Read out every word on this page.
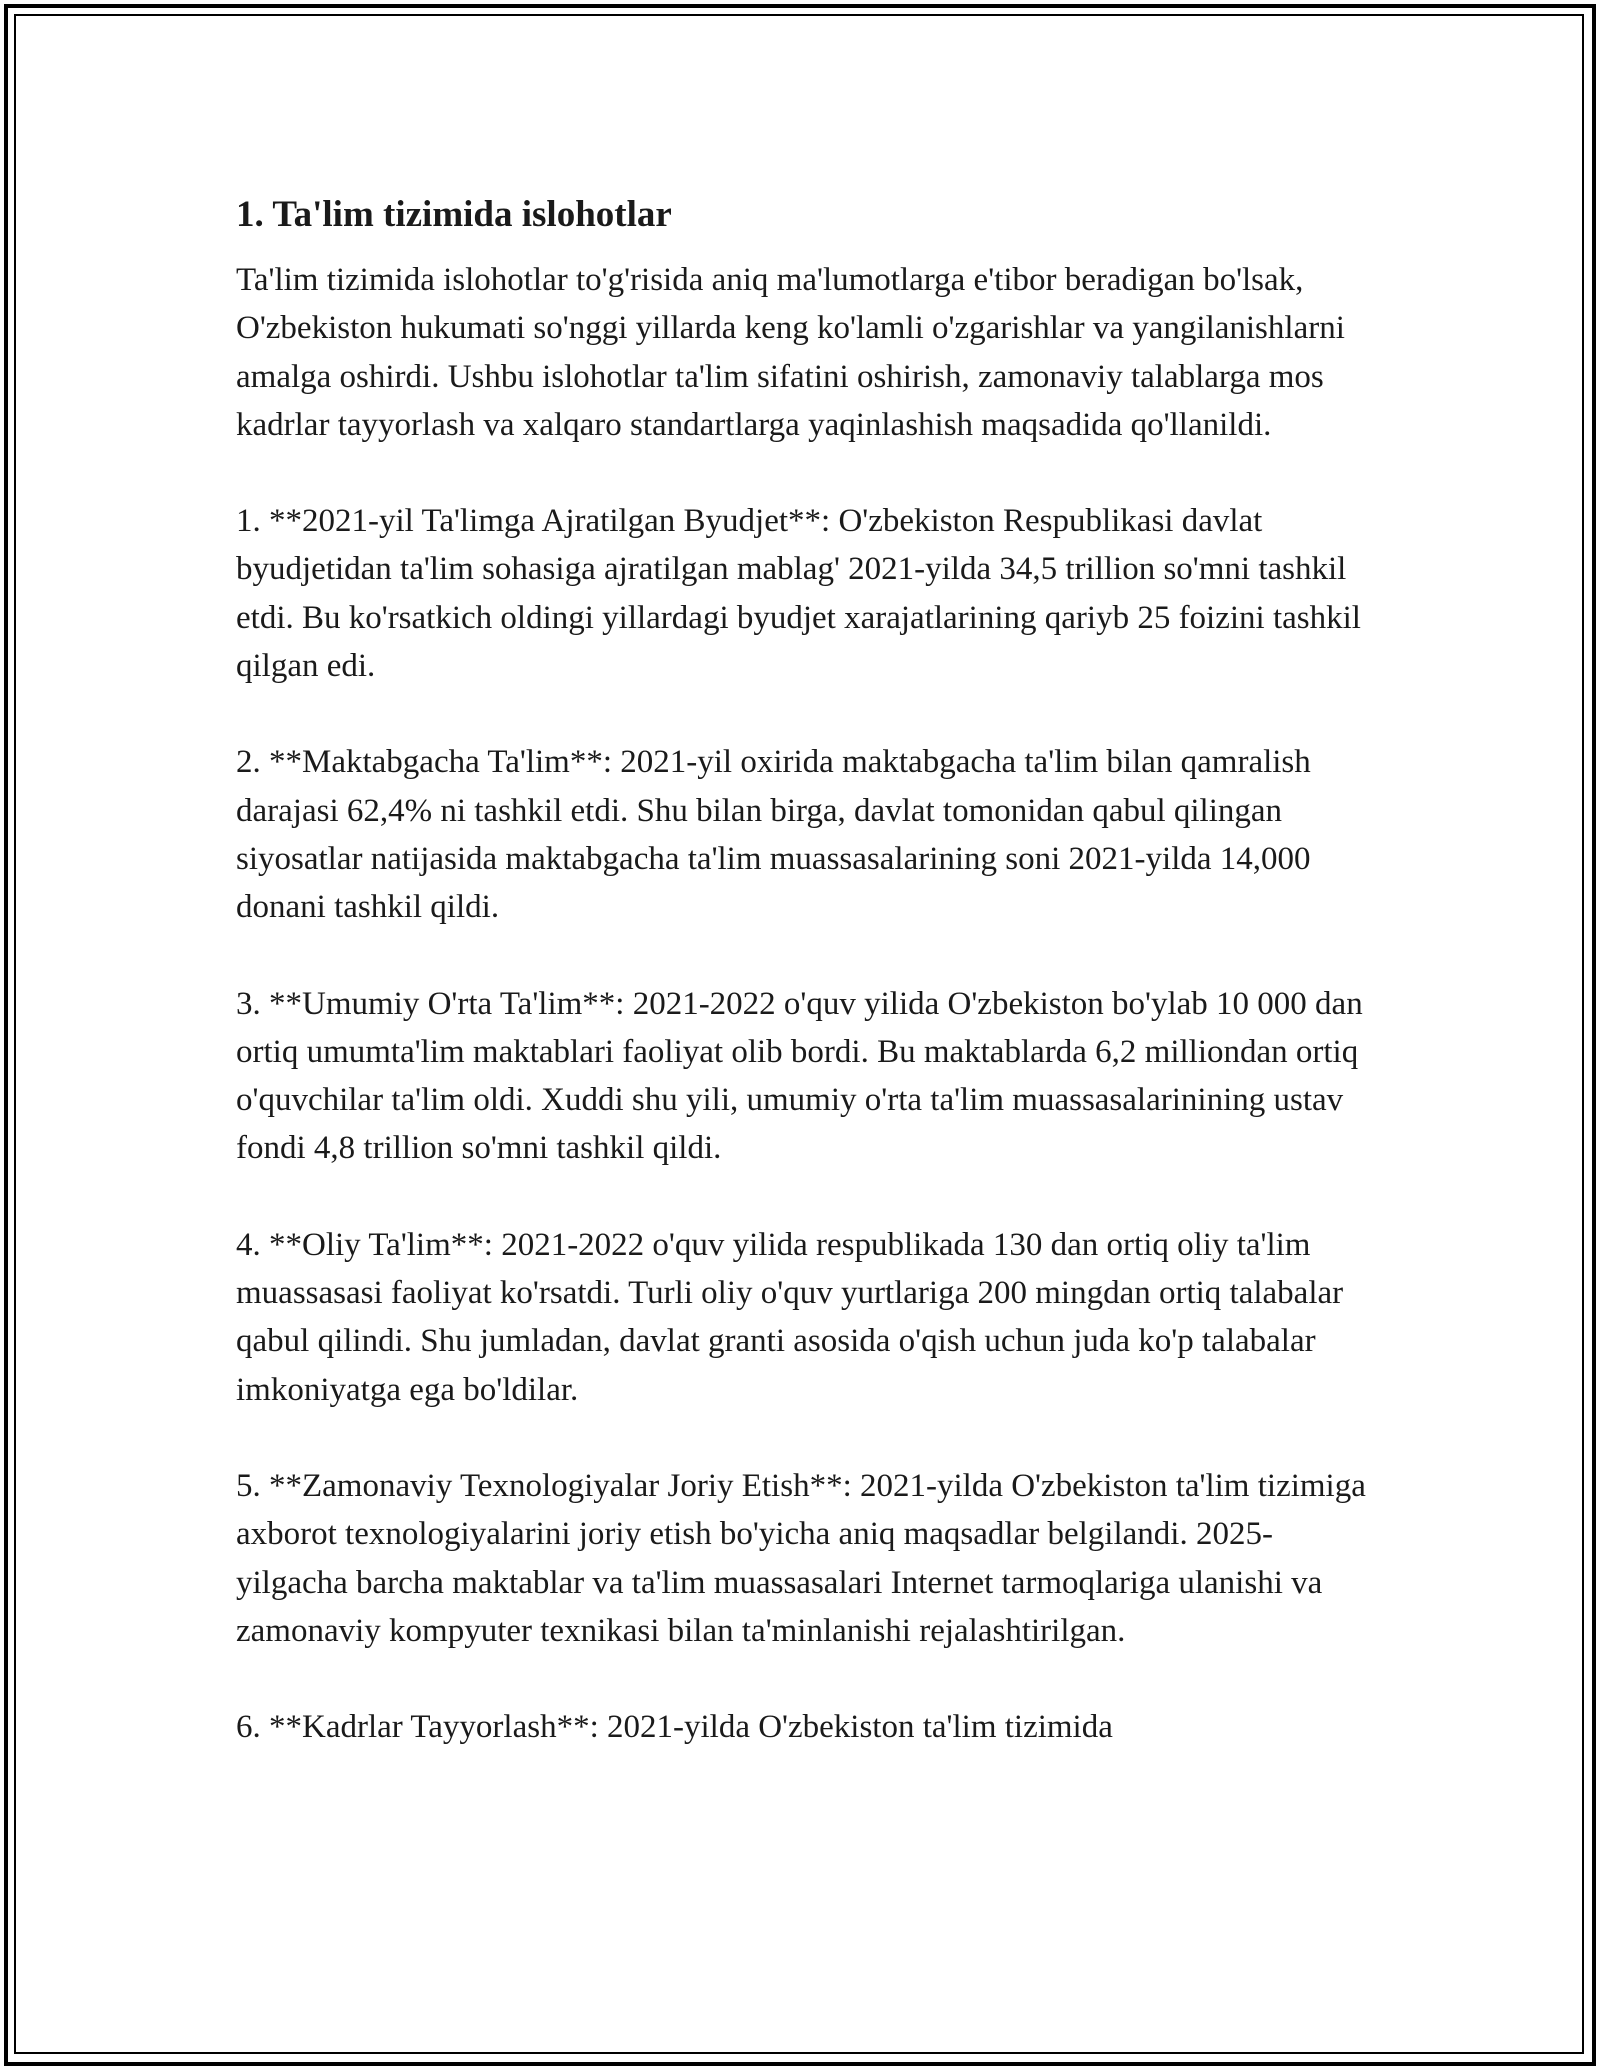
1. Ta'lim tizimida islohotlar

Ta'lim tizimida islohotlar to'g'risida aniq ma'lumotlarga e'tibor beradigan bo'lsak, O'zbekiston hukumati so'nggi yillarda keng ko'lamli o'zgarishlar va yangilanishlarni amalga oshirdi. Ushbu islohotlar ta'lim sifatini oshirish, zamonaviy talablarga mos kadrlar tayyorlash va xalqaro standartlarga yaqinlashish maqsadida qo'llanildi.

1. **2021-yil Ta'limga Ajratilgan Byudjet**: O'zbekiston Respublikasi davlat byudjetidan ta'lim sohasiga ajratilgan mablag' 2021-yilda 34,5 trillion so'mni tashkil etdi. Bu ko'rsatkich oldingi yillardagi byudjet xarajatlarining qariyb 25 foizini tashkil qilgan edi.

2. **Maktabgacha Ta'lim**: 2021-yil oxirida maktabgacha ta'lim bilan qamralish darajasi 62,4% ni tashkil etdi. Shu bilan birga, davlat tomonidan qabul qilingan siyosatlar natijasida maktabgacha ta'lim muassasalarining soni 2021-yilda 14,000 donani tashkil qildi.

3. **Umumiy O'rta Ta'lim**: 2021-2022 o'quv yilida O'zbekiston bo'ylab 10 000 dan ortiq umumta'lim maktablari faoliyat olib bordi. Bu maktablarda 6,2 milliondan ortiq o'quvchilar ta'lim oldi. Xuddi shu yili, umumiy o'rta ta'lim muassasalarinining ustav fondi 4,8 trillion so'mni tashkil qildi.

4. **Oliy Ta'lim**: 2021-2022 o'quv yilida respublikada 130 dan ortiq oliy ta'lim muassasasi faoliyat ko'rsatdi. Turli oliy o'quv yurtlariga 200 mingdan ortiq talabalar qabul qilindi. Shu jumladan, davlat granti asosida o'qish uchun juda ko'p talabalar imkoniyatga ega bo'ldilar.

5. **Zamonaviy Texnologiyalar Joriy Etish**: 2021-yilda O'zbekiston ta'lim tizimiga axborot texnologiyalarini joriy etish bo'yicha aniq maqsadlar belgilandi. 2025-yilgacha barcha maktablar va ta'lim muassasalari Internet tarmoqlariga ulanishi va zamonaviy kompyuter texnikasi bilan ta'minlanishi rejalashtirilgan.

6. **Kadrlar Tayyorlash**: 2021-yilda O'zbekiston ta'lim tizimida
